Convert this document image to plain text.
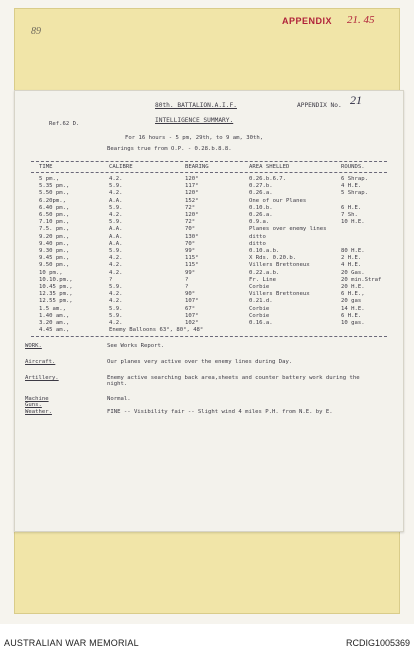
APPENDIX 21. 45
89
80th. BATTALION.A.I.F.	APPENDIX No. 21
Ref.62 D.	INTELLIGENCE SUMMARY.
For 16 hours - 5 pm, 29th, to 9 am, 30th,
Bearings true from O.P. - 0.28.b.8.8.
TIME	CALIBRE	BEARING	AREA SHELLED	ROUNDS.
5 pm.,	4.2.	120°	0.26.b.6.7.	6 Shrap.
5.35 pm.,	5.9.	117°	0.27.b.	4 H.E.
5.50 pm.,	4.2.	120°	0.26.a.	5 Shrap.
6.20pm.,	A.A.	152°	One of our Planes
6.40 pm.,	5.9.	72°	0.10.b.	6 H.E.
6.50 pm.,	4.2.	120°	0.26.a.	7 Sh.
7.10 pm.,	5.9.	72°	0.9.a.	10 H.E.
7.5. pm.,	A.A.	70°	Planes over enemy lines
9.20 pm.,	A.A.	130°	ditto
9.40 pm.,	A.A.	70°	ditto
9.30 pm.,	5.9.	99°	0.10.a.b.	80 H.E.
9.45 pm.,	4.2.	115°	X Rds. 0.20.b.	2 H.E.
9.50 pm.,	4.2.	115°	Villers Brettoneux	4 H.E.
10 pm.,	4.2.	99°	0.22.a.b.	20 Gas.
10.10.pm.,	?	?	Fr. Line	20 min.Straf
10.45 pm.,	5.9.	?	Corbie	20 H.E.
12.35 pm.,	4.2.	90°	Villers Brettoneux	6 H.E.,
12.55 pm.,	4.2.	107°	0.21.d.	20 gas
1.5 am.,	5.9.	67°	Corbie	14 H.E.
1.40 am.,	5.9.	107°	Corbie	6 H.E.
3.20 am.,	4.2.	102°	0.16.a.	10 gas.
4.45 am.,	Enemy Balloons 63°, 80°, 48°
WORK.	See Works Report.
Aircraft.	Our planes very active over the enemy lines during Day.
Artillery.	Enemy active searching back area,sheets and counter battery work during the night.
Machine Guns.
Normal.
Weather.	FINE -- Visibility fair -- Slight wind 4 miles P.H. from N.E. by E.
AUSTRALIAN WAR MEMORIAL	RCDIG1005369
